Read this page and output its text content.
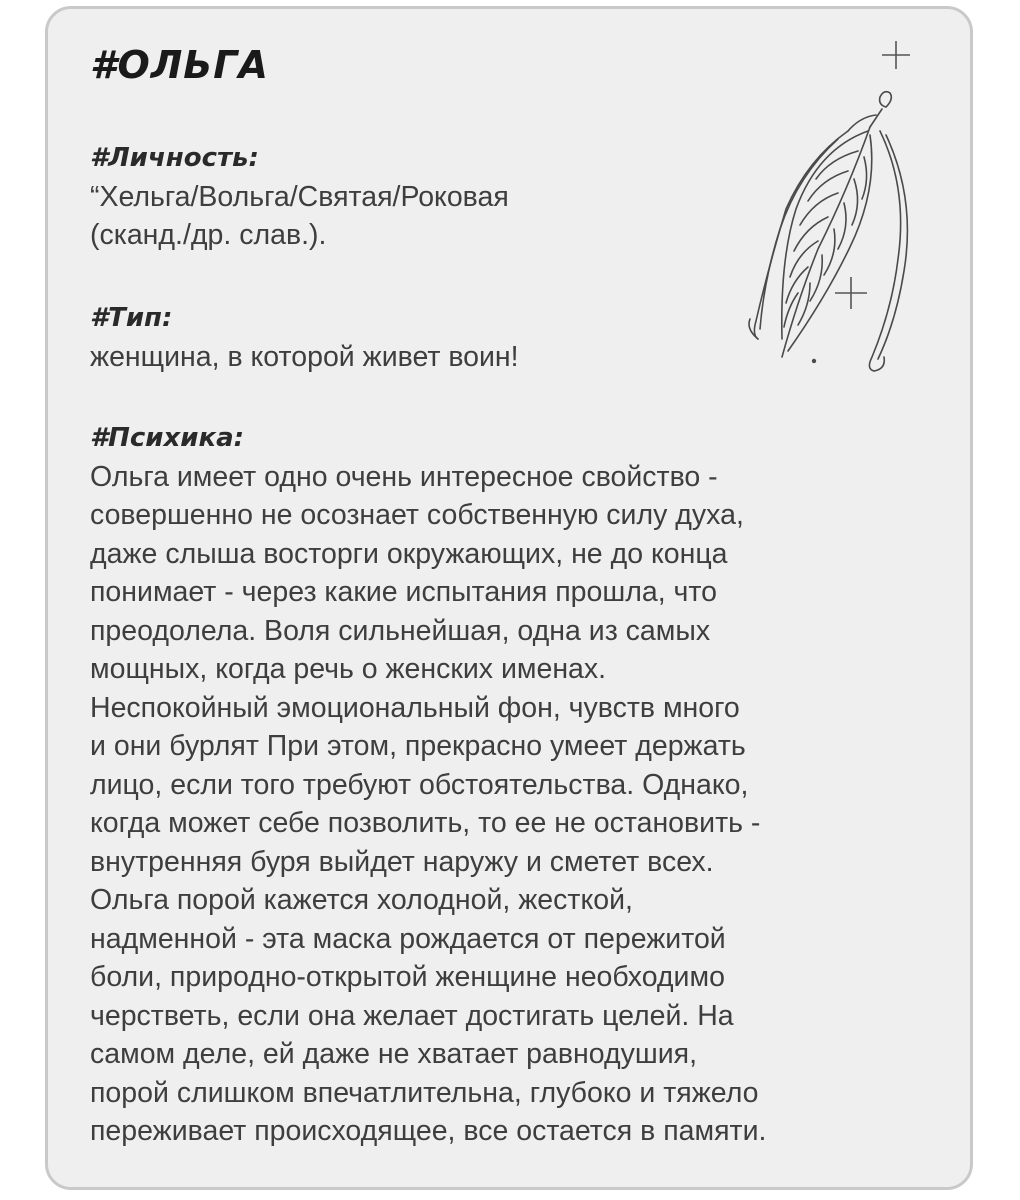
#ОЛЬГА
#Личность:
“Хельга/Вольга/Святая/Роковая
(сканд./др. слав.).
#Тип:
женщина, в которой живет воин!
#Психика:
Ольга имеет одно очень интересное свойство -
совершенно не осознает собственную силу духа,
даже слыша восторги окружающих, не до конца
понимает - через какие испытания прошла, что
преодолела. Воля сильнейшая, одна из самых
мощных, когда речь о женских именах.
Неспокойный эмоциональный фон, чувств много
и они бурлят При этом, прекрасно умеет держать
лицо, если того требуют обстоятельства. Однако,
когда может себе позволить, то ее не остановить -
внутренняя буря выйдет наружу и сметет всех.
Ольга порой кажется холодной, жесткой,
надменной - эта маска рождается от пережитой
боли, природно-открытой женщине необходимо
черстветь, если она желает достигать целей. На
самом деле, ей даже не хватает равнодушия,
порой слишком впечатлительна, глубоко и тяжело
переживает происходящее, все остается в памяти.
